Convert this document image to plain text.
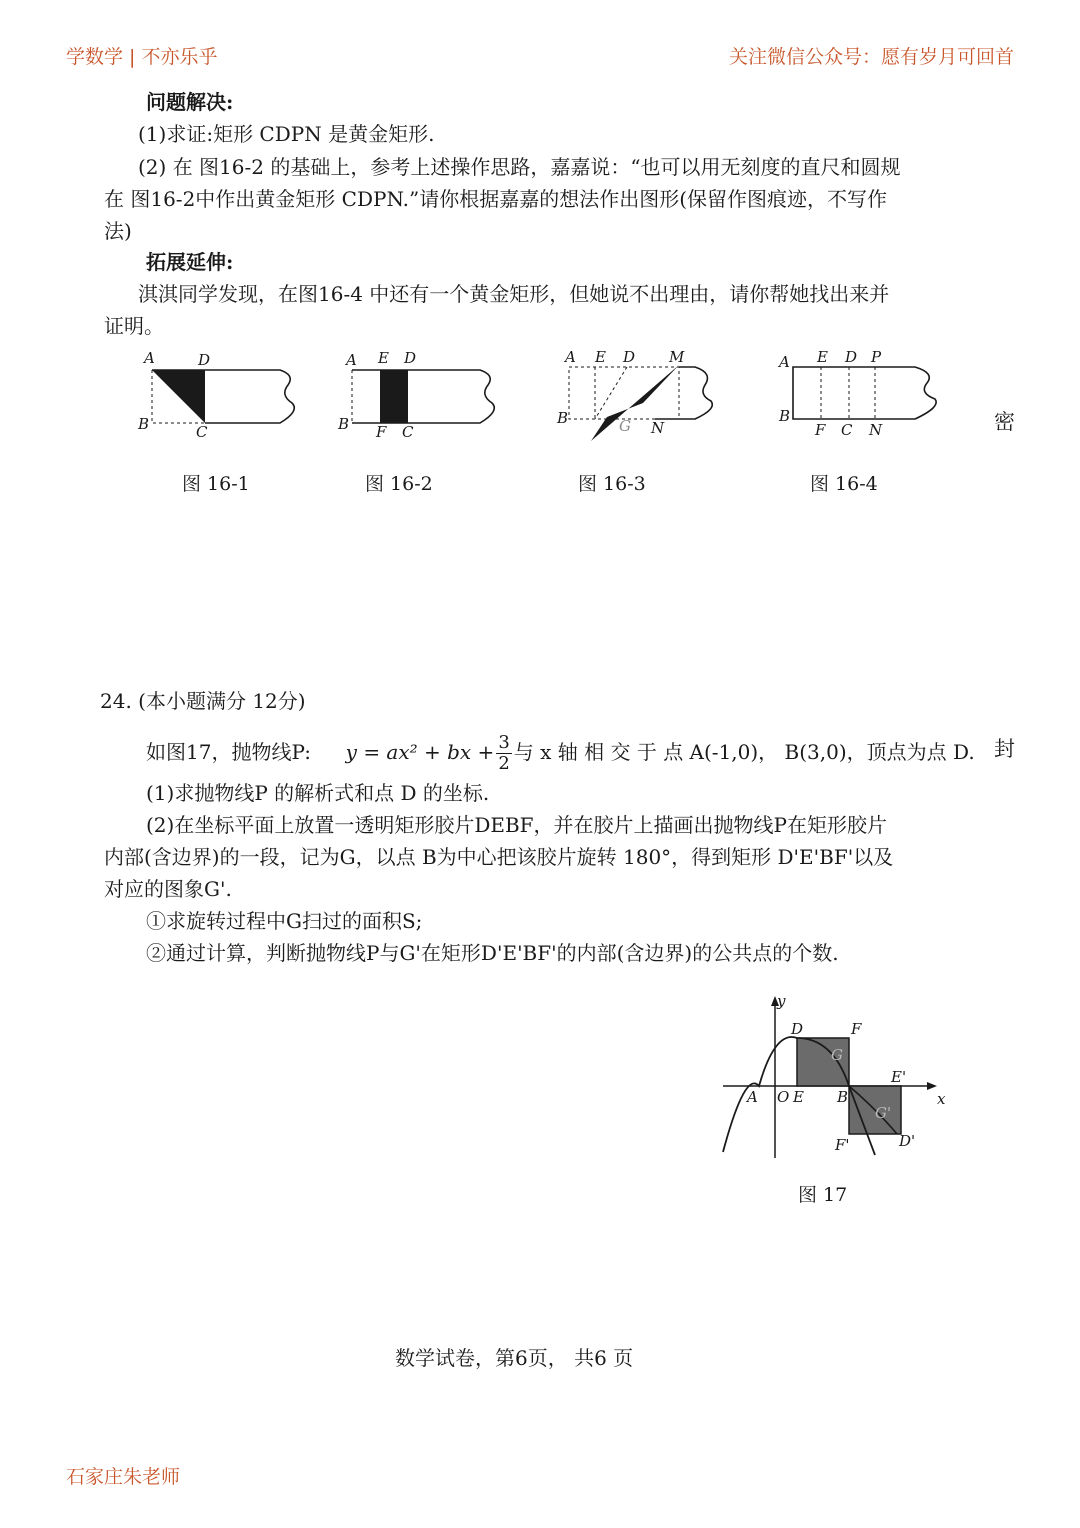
学数学 | 不亦乐乎	关注微信公众号：愿有岁月可回首
问题解决:
(1)求证:矩形 CDPN 是黄金矩形.
(2) 在 图16-2 的基础上，参考上述操作思路，嘉嘉说：“也可以用无刻度的直尺和圆规
在 图16-2中作出黄金矩形 CDPN.”请你根据嘉嘉的想法作出图形(保留作图痕迹，不写作
法)
拓展延伸:
淇淇同学发现，在图16-4 中还有一个黄金矩形，但她说不出理由，请你帮她找出来并
证明。
A	D
B	C
图 16-1
A E D
B F C
图 16-2
A E D M
B	G N
图 16-3
A E D P
B
F C N
图 16-4
密
24. (本小题满分 12分)
如图17，抛物线P: y = ax² + bx + $\frac{3}{2}$ 与 x 轴 相 交 于 点 A(-1,0)， B(3,0)，顶点为点 D. 封
(1)求抛物线P 的解析式和点 D 的坐标.
(2)在坐标平面上放置一透明矩形胶片DEBF，并在胶片上描画出抛物线P在矩形胶片
内部(含边界)的一段，记为G，以点 B为中心把该胶片旋转 180°，得到矩形 D'E'BF'以及
对应的图象G'.
①求旋转过程中G扫过的面积S;
②通过计算，判断抛物线P与G'在矩形D'E'BF'的内部(含边界)的公共点的个数.
y
x
D	F
G
E'
A O E B
G'
F'	D'
图 17
数学试卷，第6页， 共6 页
石家庄朱老师
